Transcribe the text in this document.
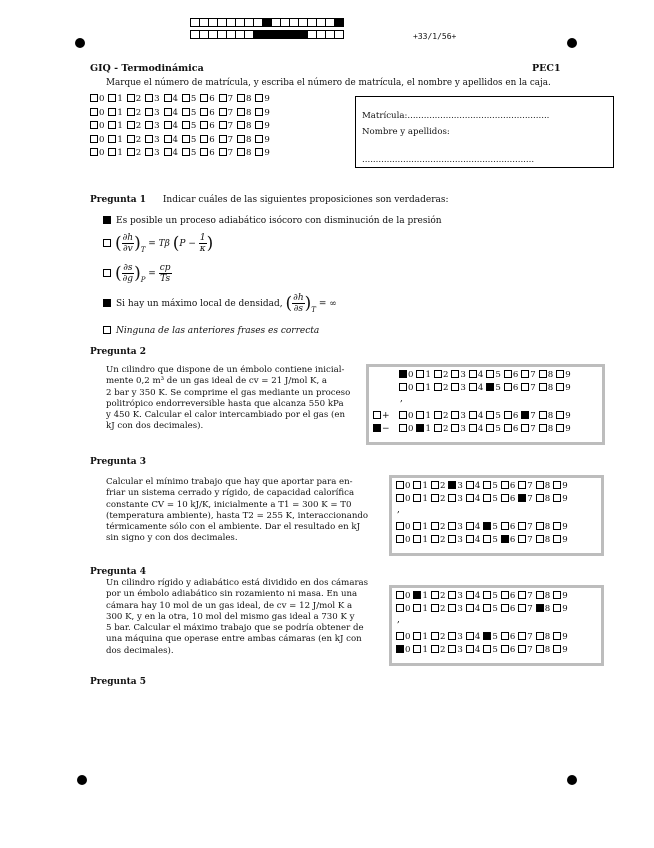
+33/1/56+
GIQ - Termodinámica	PEC1
Marque el número de matrícula, y escriba el número de matrícula, el nombre y apellidos en la caja.
0 1 2 3 4 5 6 7 8 9
0 1 2 3 4 5 6 7 8 9
0 1 2 3 4 5 6 7 8 9
0 1 2 3 4 5 6 7 8 9
0 1 2 3 4 5 6 7 8 9
Matrícula:....................................................
Nombre y apellidos:
...............................................................
Pregunta 1 Indicar cuáles de las siguientes proposiciones son verdaderas:
Es posible un proceso adiabático isócoro con disminución de la presión
( $\frac{\partial h}{\partial v} )_T = T\beta$ ($P - \frac{1}{\kappa}$ )
( $\frac{\partial s}{\partial g} )_P = \frac{cp}{Ts}$
Si hay un máximo local de densidad, ( $\frac{\partial h}{\partial s} )_T$ = ∞
Ninguna de las anteriores frases es correcta
Pregunta 2
Un cilindro que dispone de un émbolo contiene inicial-
mente 0,2 m³ de un gas ideal de cv = 21 J/mol K, a
2 bar y 350 K. Se comprime el gas mediante un proceso
politrópico endorreversible hasta que alcanza 550 kPa
y 450 K. Calcular el calor intercambiado por el gas (en
kJ con dos decimales).
0 1 2 3 4 5 6 7 8 9
0 1 2 3 4 5 6 7 8 9
0 1 2 3 4 5 6 7 8 9
0 1 2 3 4 5 6 7 8 9
,
+
−
Pregunta 3
Calcular el mínimo trabajo que hay que aportar para en-
friar un sistema cerrado y rígido, de capacidad calorífica
constante CV = 10 kJ/K, inicialmente a T1 = 300 K = T0
(temperatura ambiente), hasta T2 = 255 K, interaccionando
térmicamente sólo con el ambiente. Dar el resultado en kJ
sin signo y con dos decimales.
0 1 2 3 4 5 6 7 8 9
0 1 2 3 4 5 6 7 8 9
0 1 2 3 4 5 6 7 8 9
0 1 2 3 4 5 6 7 8 9
,
Pregunta 4
Un cilindro rígido y adiabático está dividido en dos cámaras
por un émbolo adiabático sin rozamiento ni masa. En una
cámara hay 10 mol de un gas ideal, de cv = 12 J/mol K a
300 K, y en la otra, 10 mol del mismo gas ideal a 730 K y
5 bar. Calcular el máximo trabajo que se podría obtener de
una máquina que operase entre ambas cámaras (en kJ con
dos decimales).
0 1 2 3 4 5 6 7 8 9
0 1 2 3 4 5 6 7 8 9
0 1 2 3 4 5 6 7 8 9
0 1 2 3 4 5 6 7 8 9
,
Pregunta 5
